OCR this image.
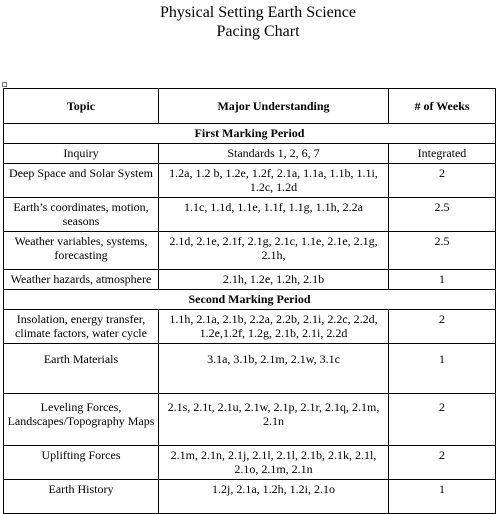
Physical Setting Earth Science
Pacing Chart
Topic	Major Understanding	# of Weeks
First Marking Period		
Inquiry	Standards 1, 2, 6, 7	Integrated
Deep Space and Solar System	1.2a, 1.2 b, 1.2e, 1.2f, 2.1a, 1.1a, 1.1b, 1.1i, 1.2c, 1.2d	2
Earth’s coordinates, motion, seasons	1.1c, 1.1d, 1.1e, 1.1f, 1.1g, 1.1h, 2.2a	2.5
Weather variables, systems, forecasting	2.1d, 2.1e, 2.1f, 2.1g, 2.1c, 1.1e, 2.1e, 2.1g, 2.1h,	2.5
Weather hazards, atmosphere	2.1h, 1.2e, 1.2h, 2.1b	1
Second Marking Period		
Insolation, energy transfer, climate factors, water cycle	1.1h, 2.1a, 2.1b, 2.2a, 2.2b, 2.1i, 2.2c, 2.2d, 1.2e,1.2f, 1.2g, 2.1b, 2.1i, 2.2d	2
Earth Materials	3.1a, 3.1b, 2.1m, 2.1w, 3.1c	1
Leveling Forces, Landscapes/Topography Maps	2.1s, 2.1t, 2.1u, 2.1w, 2.1p, 2.1r, 2.1q, 2.1m, 2.1n	2
Uplifting Forces	2.1m, 2.1n, 2.1j, 2.1l, 2.1l, 2.1b, 2.1k, 2.1l, 2.1o, 2.1m, 2.1n	2
Earth History	1.2j, 2.1a, 1.2h, 1.2i, 2.1o	1
